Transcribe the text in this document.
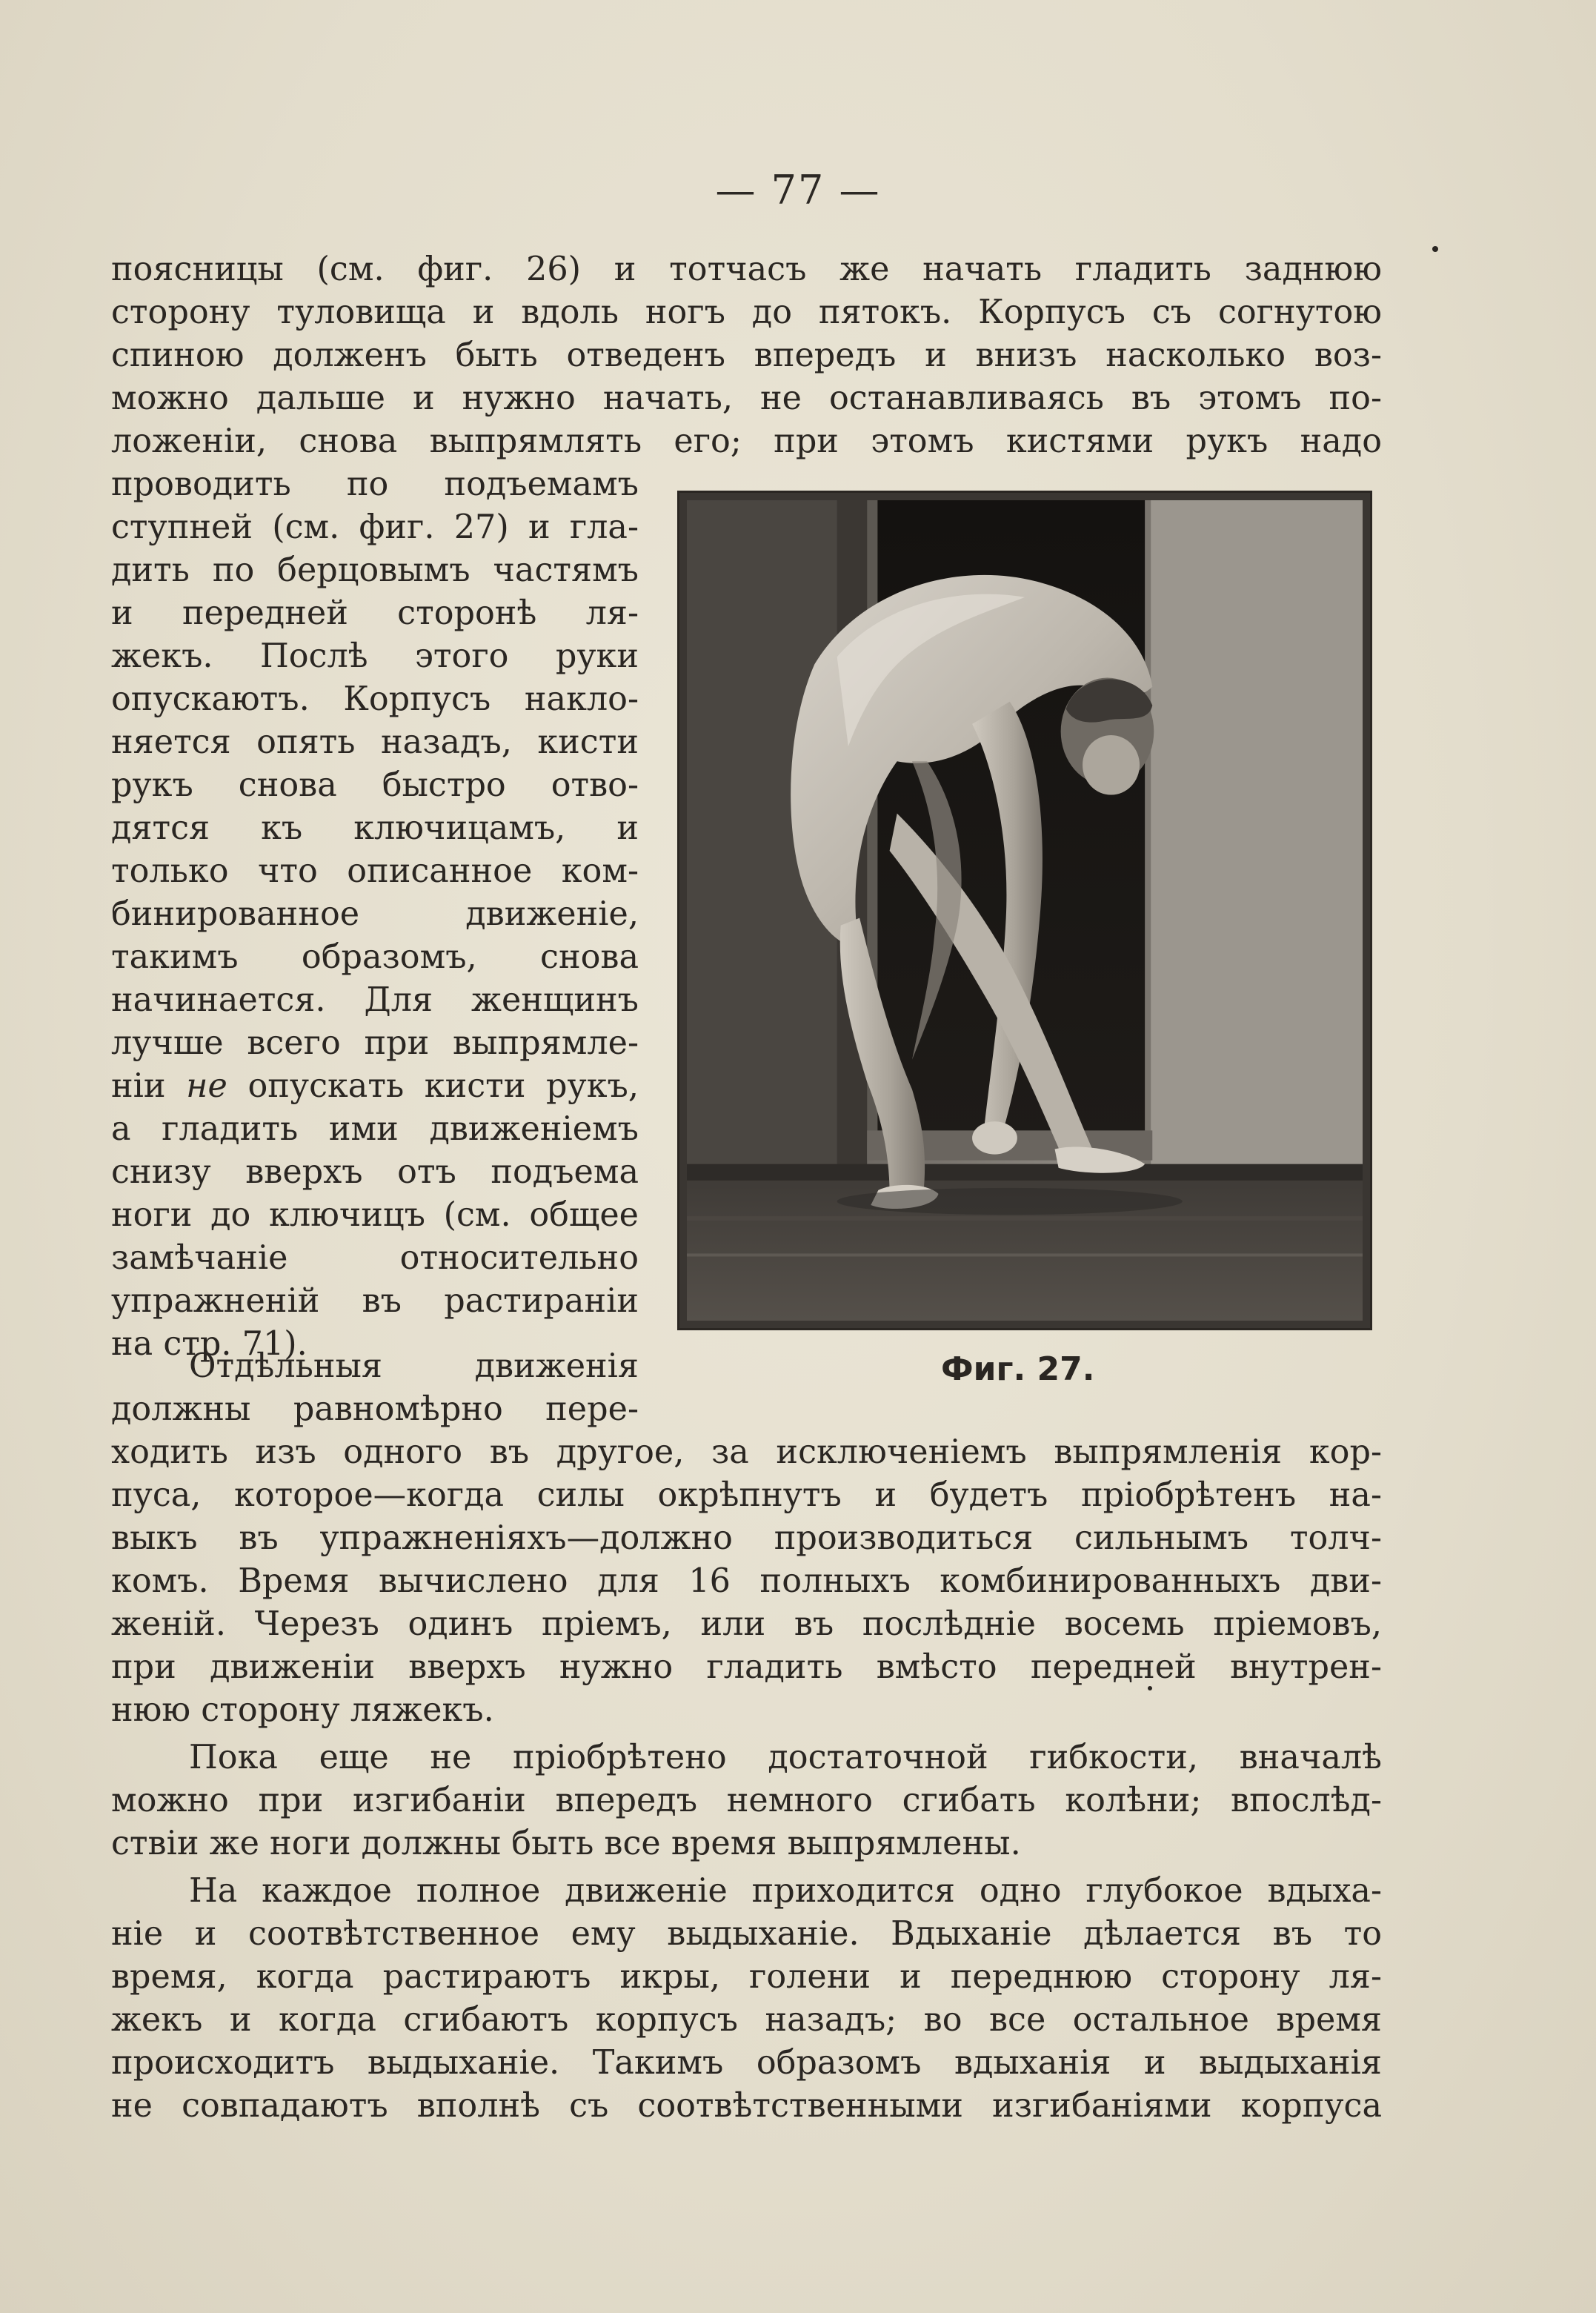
— 77 —
поясницы (см. фиг. 26) и тотчасъ же начать гладить заднюю
сторону туловища и вдоль ногъ до пятокъ. Корпусъ съ согнутою
спиною долженъ быть отведенъ впередъ и внизъ насколько воз-
можно дальше и нужно начать, не останавливаясь въ этомъ по-
ложенiи, снова выпрямлять его; при этомъ кистями рукъ надо
проводить по подъемамъ
ступней (см. фиг. 27) и гла-
дить по берцовымъ частямъ
и передней сторонѣ ля-
жекъ. Послѣ этого руки
опускаютъ. Корпусъ накло-
няется опять назадъ, кисти
рукъ снова быстро отво-
дятся къ ключицамъ, и
только что описанное ком-
бинированное движенiе,
такимъ образомъ, снова
начинается. Для женщинъ
лучше всего при выпрямле-
нiи не опускать кисти рукъ,
а гладить ими движенiемъ
снизу вверхъ отъ подъема
ноги до ключицъ (см. общее
замѣчанiе относительно
упражненiй въ растиранiи
на стр. 71).
Отдѣльныя движенiя
должны равномѣрно пере-
Фиг. 27.
ходить изъ одного въ другое, за исключенiемъ выпрямленiя кор-
пуса, которое—когда силы окрѣпнутъ и будетъ прiобрѣтенъ на-
выкъ въ упражненiяхъ—должно производиться сильнымъ толч-
комъ. Время вычислено для 16 полныхъ комбинированныхъ дви-
женiй. Черезъ одинъ прiемъ, или въ послѣднiе восемь прiемовъ,
при движенiи вверхъ нужно гладить вмѣсто передней внутрен-
нюю сторону ляжекъ.
Пока еще не прiобрѣтено достаточной гибкости, вначалѣ
можно при изгибанiи впередъ немного сгибать колѣни; впослѣд-
ствiи же ноги должны быть все время выпрямлены.
На каждое полное движенiе приходится одно глубокое вдыха-
нiе и соотвѣтственное ему выдыханiе. Вдыханiе дѣлается въ то
время, когда растираютъ икры, голени и переднюю сторону ля-
жекъ и когда сгибаютъ корпусъ назадъ; во все остальное время
происходитъ выдыханiе. Такимъ образомъ вдыханiя и выдыханiя
не совпадаютъ вполнѣ съ соотвѣтственными изгибанiями корпуса
